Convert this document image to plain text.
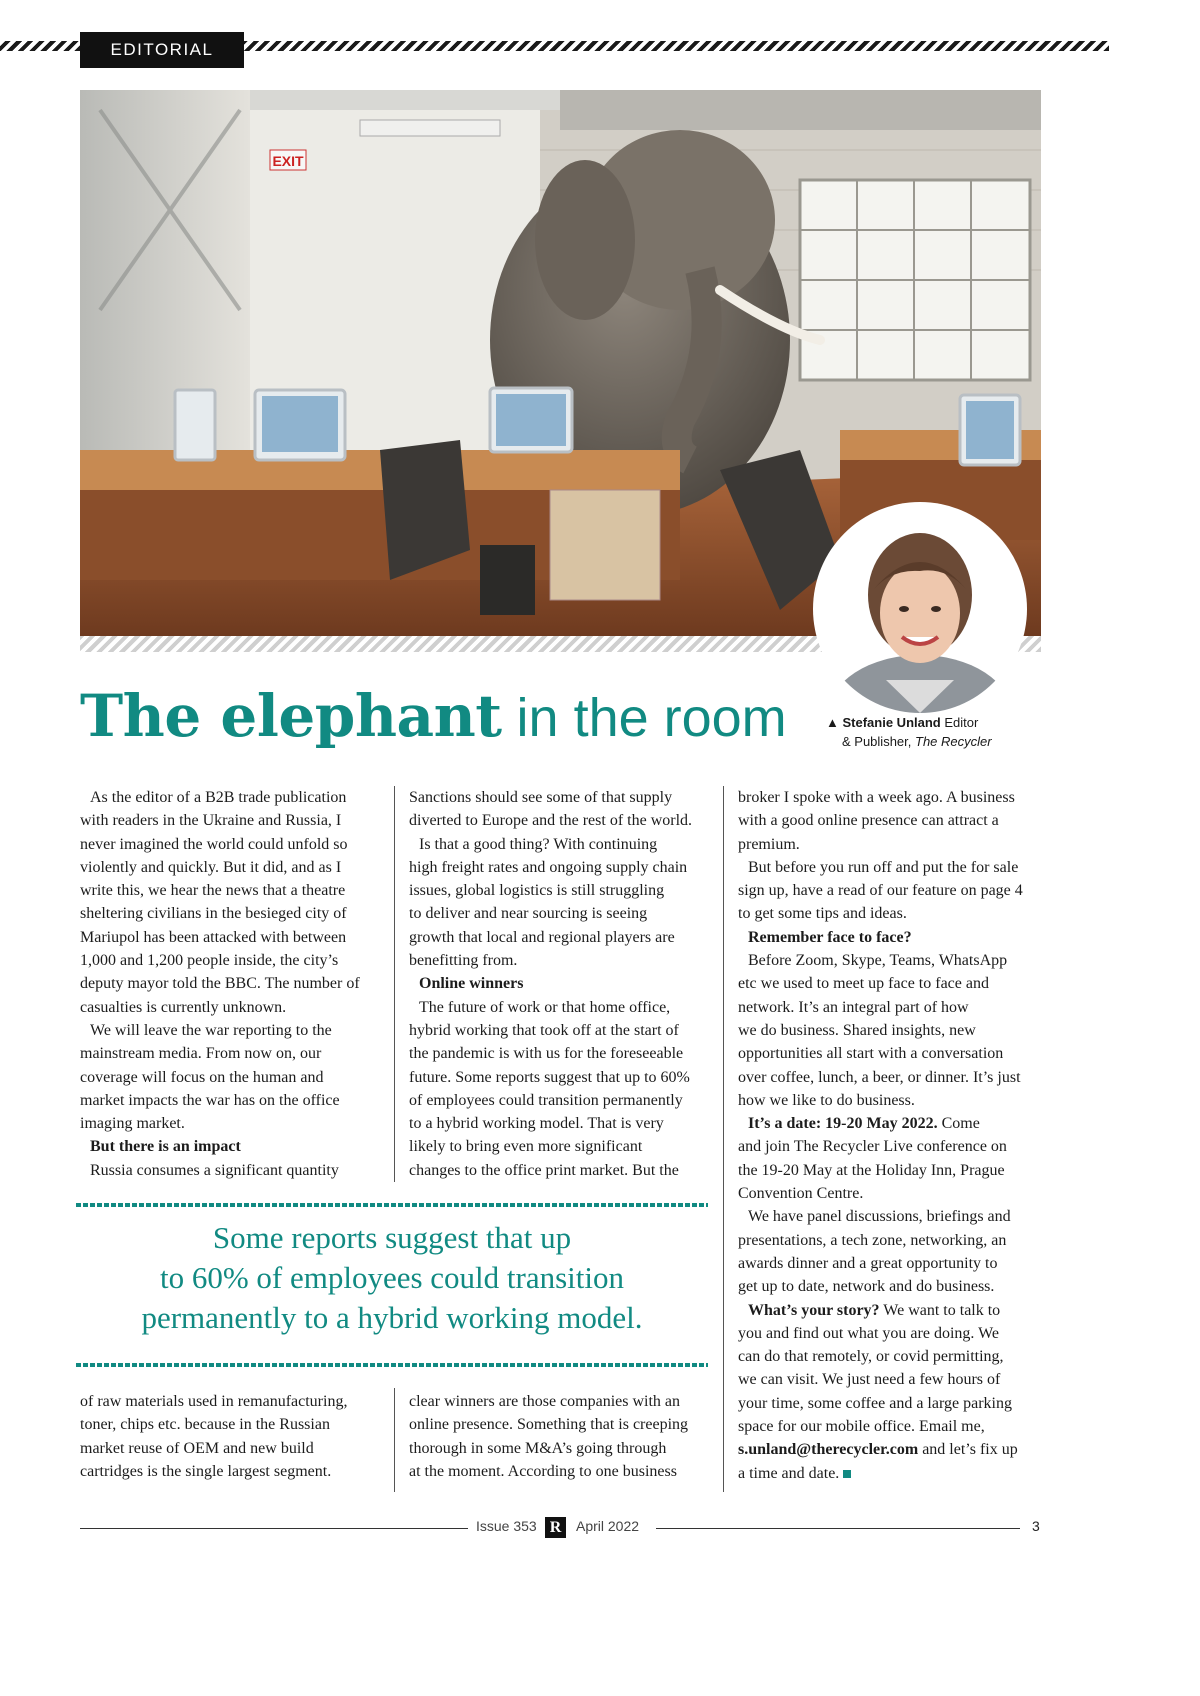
EDITORIAL
EXIT
▲ Stefanie Unland Editor
& Publisher, The Recycler
The elephant in the room
As the editor of a B2B trade publication
with readers in the Ukraine and Russia, I
never imagined the world could unfold so
violently and quickly. But it did, and as I
write this, we hear the news that a theatre
sheltering civilians in the besieged city of
Mariupol has been attacked with between
1,000 and 1,200 people inside, the city’s
deputy mayor told the BBC. The number of
casualties is currently unknown.
We will leave the war reporting to the
mainstream media. From now on, our
coverage will focus on the human and
market impacts the war has on the office
imaging market.
But there is an impact
Russia consumes a significant quantity
Sanctions should see some of that supply
diverted to Europe and the rest of the world.
Is that a good thing? With continuing
high freight rates and ongoing supply chain
issues, global logistics is still struggling
to deliver and near sourcing is seeing
growth that local and regional players are
benefitting from.
Online winners
The future of work or that home office,
hybrid working that took off at the start of
the pandemic is with us for the foreseeable
future. Some reports suggest that up to 60%
of employees could transition permanently
to a hybrid working model. That is very
likely to bring even more significant
changes to the office print market. But the
Some reports suggest that up
to 60% of employees could transition
permanently to a hybrid working model.
of raw materials used in remanufacturing,
toner, chips etc. because in the Russian
market reuse of OEM and new build
cartridges is the single largest segment.
clear winners are those companies with an
online presence. Something that is creeping
thorough in some M&A’s going through
at the moment. According to one business
broker I spoke with a week ago. A business
with a good online presence can attract a
premium.
But before you run off and put the for sale
sign up, have a read of our feature on page 4
to get some tips and ideas.
Remember face to face?
Before Zoom, Skype, Teams, WhatsApp
etc we used to meet up face to face and
network. It’s an integral part of how
we do business. Shared insights, new
opportunities all start with a conversation
over coffee, lunch, a beer, or dinner. It’s just
how we like to do business.
It’s a date: 19-20 May 2022. Come
and join The Recycler Live conference on
the 19-20 May at the Holiday Inn, Prague
Convention Centre.
We have panel discussions, briefings and
presentations, a tech zone, networking, an
awards dinner and a great opportunity to
get up to date, network and do business.
What’s your story? We want to talk to
you and find out what you are doing. We
can do that remotely, or covid permitting,
we can visit. We just need a few hours of
your time, some coffee and a large parking
space for our mobile office. Email me,
s.unland@therecycler.com and let’s fix up
a time and date.
Issue 353 R April 2022	3
